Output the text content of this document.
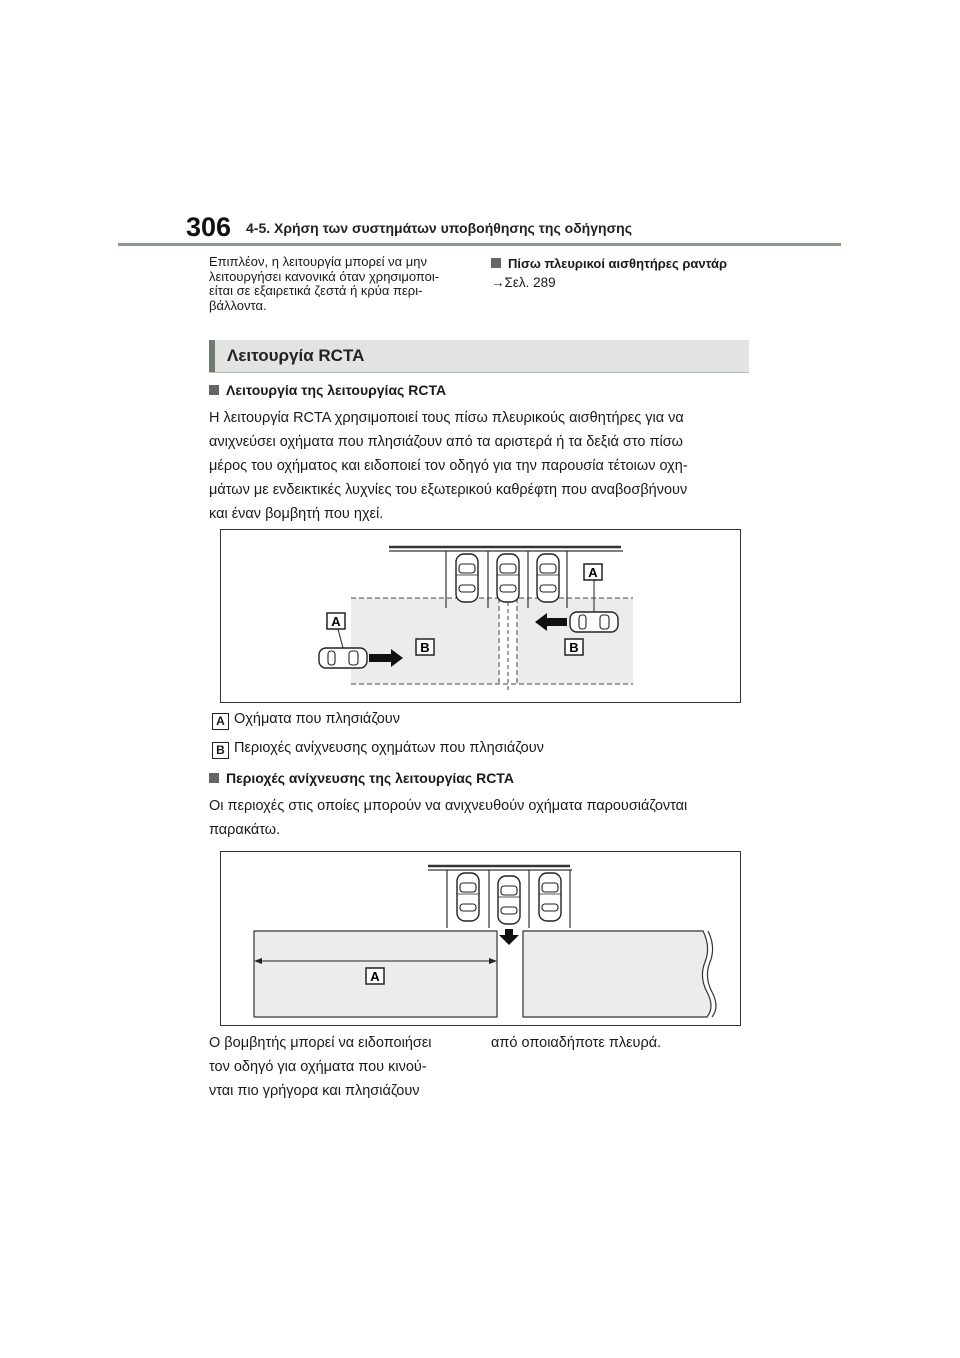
306 4-5. Χρήση των συστημάτων υποβοήθησης της οδήγησης
Επιπλέον, η λειτουργία μπορεί να μην
λειτουργήσει κανονικά όταν χρησιμοποι-
είται σε εξαιρετικά ζεστά ή κρύα περι-
βάλλοντα.
Πίσω πλευρικοί αισθητήρες ραντάρ
→Σελ. 289
Λειτουργία RCTA
Λειτουργία της λειτουργίας RCTA
Η λειτουργία RCTA χρησιμοποιεί τους πίσω πλευρικούς αισθητήρες για να
ανιχνεύσει οχήματα που πλησιάζουν από τα αριστερά ή τα δεξιά στο πίσω
μέρος του οχήματος και ειδοποιεί τον οδηγό για την παρουσία τέτοιων οχη-
μάτων με ενδεικτικές λυχνίες του εξωτερικού καθρέφτη που αναβοσβήνουν
και έναν βομβητή που ηχεί.
A
A
B	B
A Οχήματα που πλησιάζουν
B Περιοχές ανίχνευσης οχημάτων που πλησιάζουν
Περιοχές ανίχνευσης της λειτουργίας RCTA
Οι περιοχές στις οποίες μπορούν να ανιχνευθούν οχήματα παρουσιάζονται
παρακάτω.
A
Ο βομβητής μπορεί να ειδοποιήσει
τον οδηγό για οχήματα που κινού-
νται πιο γρήγορα και πλησιάζουν
από οποιαδήποτε πλευρά.
